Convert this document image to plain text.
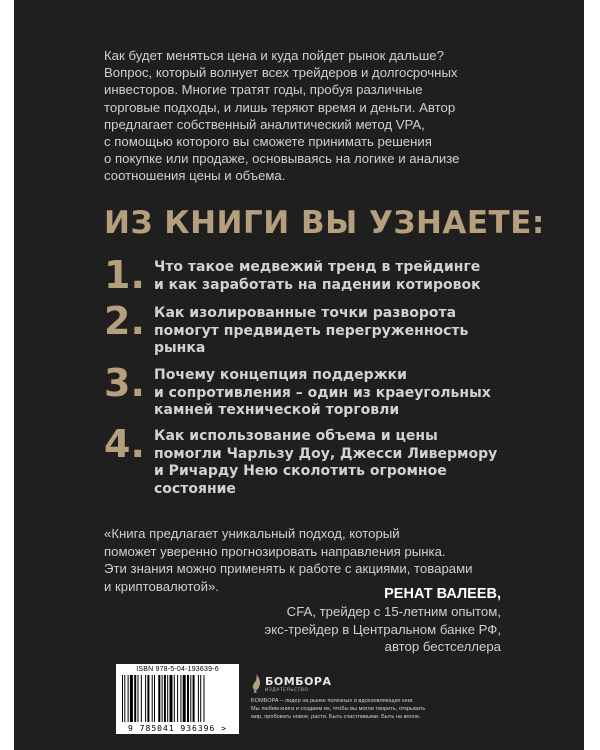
Как будет меняться цена и куда пойдет рынок дальше?

Вопрос, который волнует всех трейдеров и долгосрочных

инвесторов. Многие тратят годы, пробуя различные

торговые подходы, и лишь теряют время и деньги. Автор

предлагает собственный аналитический метод VPA,

с помощью которого вы сможете принимать решения

о покупке или продаже, основываясь на логике и анализе

соотношения цены и объема.

ИЗ КНИГИ ВЫ УЗНАЕТЕ:
1. Что такое медвежий тренд в трейдинге
и как заработать на падении котировок
2. Как изолированные точки разворота
помогут предвидеть перегруженность
рынка
3. Почему концепция поддержки
и сопротивления – один из краеугольных
камней технической торговли
4. Как использование объема и цены
помогли Чарльзу Доу, Джесси Ливермору
и Ричарду Нею сколотить огромное
состояние
«Книга предлагает уникальный подход, который
поможет уверенно прогнозировать направления рынка.
Эти знания можно применять к работе с акциями, товарами
и криптовалютой».	РЕНАТ ВАЛЕЕВ,
CFA, трейдер с 15-летним опытом,
экс-трейдер в Центральном банке РФ,
автор бестселлера
ISBN 978-5-04-193639-6
9 785041 936396 >
БОМБОРА
ИЗДАТЕЛЬСТВО

БОМБОРА – лидер на рынке полезных и вдохновляющих книг.

Мы любим книги и создаем их, чтобы вы могли творить, открывать

мир, пробовать новое, расти. Быть счастливыми. Быть на волне.
